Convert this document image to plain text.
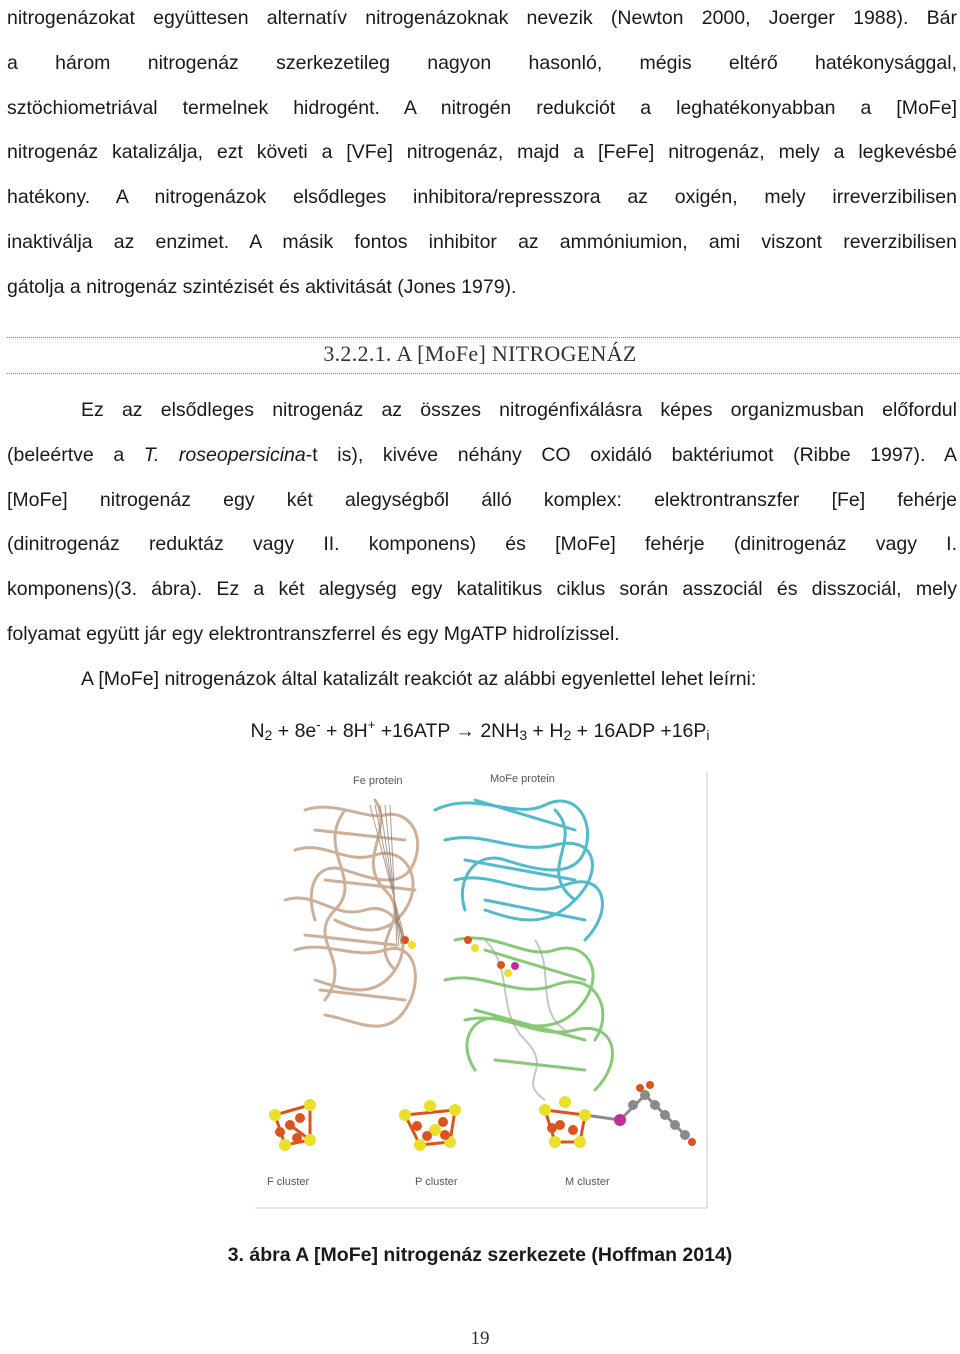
nitrogenázokat együttesen alternatív nitrogenázoknak nevezik (Newton 2000, Joerger 1988). Bár
a három nitrogenáz szerkezetileg nagyon hasonló, mégis eltérő hatékonysággal,
sztöchiometriával termelnek hidrogént. A nitrogén redukciót a leghatékonyabban a [MoFe]
nitrogenáz katalizálja, ezt követi a [VFe] nitrogenáz, majd a [FeFe] nitrogenáz, mely a legkevésbé
hatékony. A nitrogenázok elsődleges inhibitora/represszora az oxigén, mely irreverzibilisen
inaktiválja az enzimet. A másik fontos inhibitor az ammóniumion, ami viszont reverzibilisen
gátolja a nitrogenáz szintézisét és aktivitását (Jones 1979).
3.2.2.1. A [MoFe] NITROGENÁZ
Ez az elsődleges nitrogenáz az összes nitrogénfixálásra képes organizmusban előfordul
(beleértve a T. roseopersicina-t is), kivéve néhány CO oxidáló baktériumot (Ribbe 1997). A
[MoFe] nitrogenáz egy két alegységből álló komplex: elektrontranszfer [Fe] fehérje
(dinitrogenáz reduktáz vagy II. komponens) és [MoFe] fehérje (dinitrogenáz vagy I.
komponens)(3. ábra). Ez a két alegység egy katalitikus ciklus során asszociál és disszociál, mely
folyamat együtt jár egy elektrontranszferrel és egy MgATP hidrolízissel.
A [MoFe] nitrogenázok által katalizált reakciót az alábbi egyenlettel lehet leírni:
$N_2 + 8e^- + 8H^+ +16ATP \to 2NH_3 + H_2 + 16ADP +16P_i$
Fe protein	MoFe protein
F cluster	P cluster	M cluster
3. ábra A [MoFe] nitrogenáz szerkezete (Hoffman 2014)
19
